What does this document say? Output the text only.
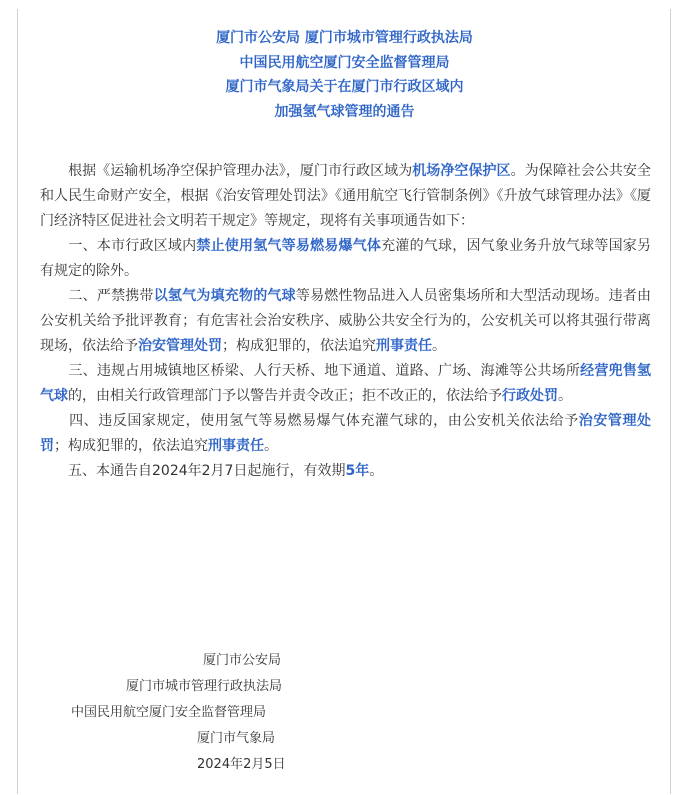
厦门市公安局 厦门市城市管理行政执法局
中国民用航空厦门安全监督管理局
厦门市气象局关于在厦门市行政区域内
加强氢气球管理的通告

　　根据《运输机场净空保护管理办法》，厦门市行政区域为机场净空保护区。为保障社会公共安全和人民生命财产安全，根据《治安管理处罚法》《通用航空飞行管制条例》《升放气球管理办法》《厦门经济特区促进社会文明若干规定》等规定，现将有关事项通告如下：

　　一、本市行政区域内禁止使用氢气等易燃易爆气体充灌的气球，因气象业务升放气球等国家另有规定的除外。

　　二、严禁携带以氢气为填充物的气球等易燃性物品进入人员密集场所和大型活动现场。违者由公安机关给予批评教育；有危害社会治安秩序、威胁公共安全行为的，公安机关可以将其强行带离现场，依法给予治安管理处罚；构成犯罪的，依法追究刑事责任。

　　三、违规占用城镇地区桥梁、人行天桥、地下通道、道路、广场、海滩等公共场所经营兜售氢气球的，由相关行政管理部门予以警告并责令改正；拒不改正的，依法给予行政处罚。

　　四、违反国家规定，使用氢气等易燃易爆气体充灌气球的，由公安机关依法给予治安管理处罚；构成犯罪的，依法追究刑事责任。

　　五、本通告自2024年2月7日起施行，有效期5年。

厦门市公安局
厦门市城市管理行政执法局
中国民用航空厦门安全监督管理局
厦门市气象局
2024年2月5日
